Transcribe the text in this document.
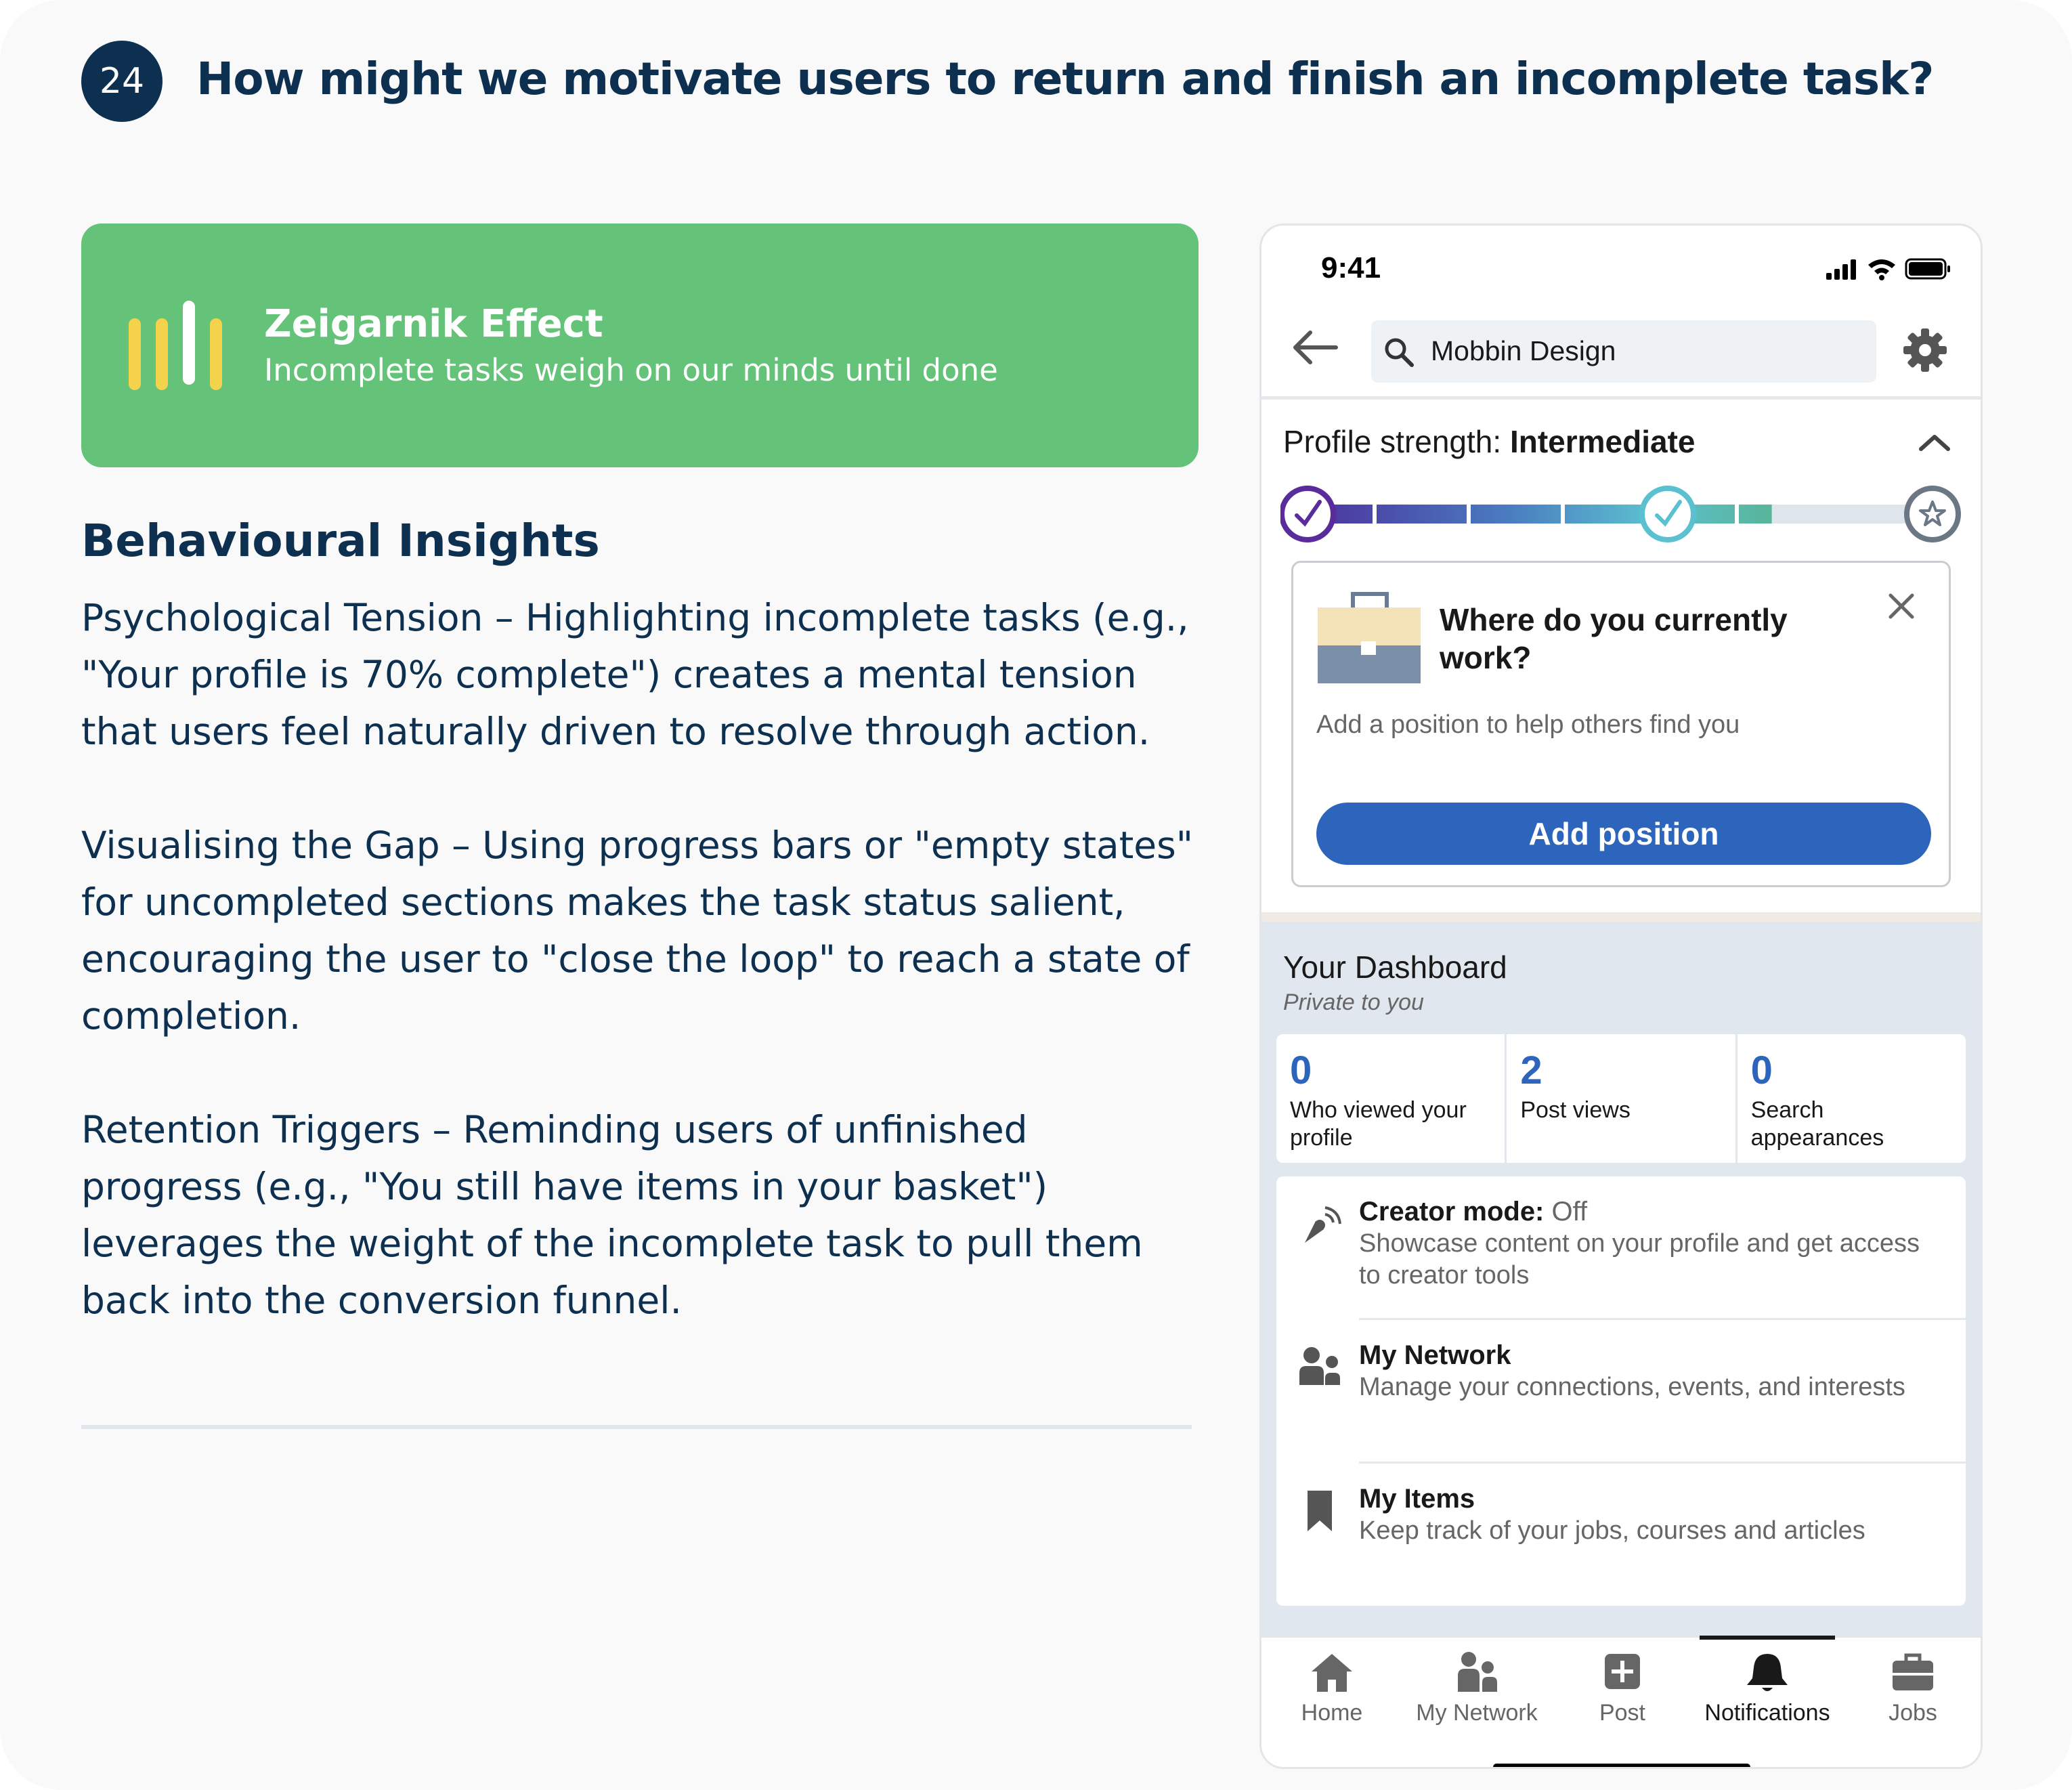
24	How might we motivate users to return and finish an incomplete task?
Zeigarnik Effect
Incomplete tasks weigh on our minds until done
Behavioural Insights

Psychological Tension – Highlighting incomplete tasks (e.g., "Your profile is 70% complete") creates a mental tension that users feel naturally driven to resolve through action.

Visualising the Gap – Using progress bars or "empty states" for uncompleted sections makes the task status salient, encouraging the user to "close the loop" to reach a state of completion.

Retention Triggers – Reminding users of unfinished progress (e.g., "You still have items in your basket") leverages the weight of the incomplete task to pull them back into the conversion funnel.

9:41
Mobbin Design
Profile strength: Intermediate
Where do you currently work?
Add a position to help others find you
Add position
Your Dashboard
Private to you
0
Who viewed your profile
2
Post views
0
Search appearances
Creator mode: Off
Showcase content on your profile and get access to creator tools
My Network
Manage your connections, events, and interests
My Items
Keep track of your jobs, courses and articles
Home	My Network	Post	Notifications	Jobs
